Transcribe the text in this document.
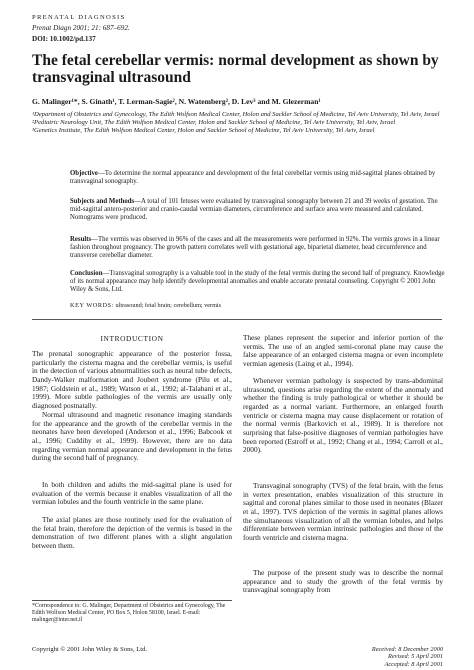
PRENATAL DIAGNOSIS
Prenat Diagn 2001; 21: 687–692.
DOI: 10.1002/pd.137
The fetal cerebellar vermis: normal development as shown by transvaginal ultrasound
G. Malinger¹*, S. Ginath¹, T. Lerman-Sagie², N. Watemberg², D. Lev³ and M. Glezerman¹

¹Department of Obstetrics and Gynecology, The Edith Wolfson Medical Center, Holon and Sackler School of Medicine, Tel Aviv University, Tel Aviv, Israel

²Pediatric Neurology Unit, The Edith Wolfson Medical Center, Holon and Sackler School of Medicine, Tel Aviv University, Tel Aviv, Israel

³Genetics Institute, The Edith Wolfson Medical Center, Holon and Sackler School of Medicine, Tel Aviv University, Tel Aviv, Israel

Objective—To determine the normal appearance and development of the fetal cerebellar vermis using mid-sagittal planes obtained by transvaginal sonography.

Subjects and Methods—A total of 101 fetuses were evaluated by transvaginal sonography between 21 and 39 weeks of gestation. The mid-sagittal antero-posterior and cranio-caudal vermian diameters, circumference and surface area were measured and calculated. Nomograms were produced.

Results—The vermis was observed in 96% of the cases and all the measurements were performed in 92%. The vermis grows in a linear fashion throughout pregnancy. The growth pattern correlates well with gestational age, biparietal diameter, head circumference and transverse cerebellar diameter.

Conclusion—Transvaginal sonography is a valuable tool in the study of the fetal vermis during the second half of pregnancy. Knowledge of its normal appearance may help identify developmental anomalies and enable accurate prenatal counseling. Copyright © 2001 John Wiley & Sons, Ltd.

KEY WORDS: ultrasound; fetal brain; cerebellum; vermis
INTRODUCTION

The prenatal sonographic appearance of the posterior fossa, particularly the cisterna magna and the cerebellar vermis, is useful in the detection of various abnormalities such as neural tube defects, Dandy-Walker malformation and Joubert syndrome (Pilu et al., 1987; Goldstein et al., 1989; Watson et al., 1992; al-Talabani et al., 1999). More subtle pathologies of the vermis are usually only diagnosed postnatally.

Normal ultrasound and magnetic resonance imaging standards for the appearance and the growth of the cerebellar vermis in the neonates have been developed (Anderson et al., 1996; Babcook et al., 1996; Cuddihy et al., 1999). However, there are no data regarding vermian normal appearance and development in the fetus during the second half of pregnancy.

In both children and adults the mid-sagittal plane is used for evaluation of the vermis because it enables visualization of all the vermian lobules and the fourth ventricle in the same plane.

The axial planes are those routinely used for the evaluation of the fetal brain, therefore the depiction of the vermis is based in the demonstration of two different planes with a slight angulation between them.

*Correspondence to: G. Malinger, Department of Obstetrics and Gynecology, The Edith Wolfson Medical Center, PO Box 5, Holon 58100, Israel. E-mail: malinger@inter.net.il

These planes represent the superior and inferior portion of the vermis. The use of an angled semi-coronal plane may cause the false appearance of an enlarged cisterna magna or even incomplete vermian agenesis (Laing et al., 1994).

Whenever vermian pathology is suspected by trans-abdominal ultrasound, questions arise regarding the extent of the anomaly and whether the finding is truly pathological or whether it should be regarded as a normal variant. Furthermore, an enlarged fourth ventricle or cisterna magna may cause displacement or rotation of the normal vermis (Barkovich et al., 1989). It is therefore not surprising that false-positive diagnoses of vermian pathologies have been reported (Estroff et al., 1992; Chang et al., 1994; Carroll et al., 2000).

Transvaginal sonography (TVS) of the fetal brain, with the fetus in vertex presentation, enables visualization of this structure in sagittal and coronal planes similar to those used in neonates (Blazer et al., 1997). TVS depiction of the vermis in sagittal planes allows the simultaneous visualization of all the vermian lobules, and helps differentiate between vermian intrinsic pathologies and those of the fourth ventricle and cisterna magna.

The purpose of the present study was to describe the normal appearance and to study the growth of the fetal vermis by transvaginal sonography from

Copyright © 2001 John Wiley & Sons, Ltd.	Received: 8 December 2000
Revised: 5 April 2001
Accepted: 8 April 2001
